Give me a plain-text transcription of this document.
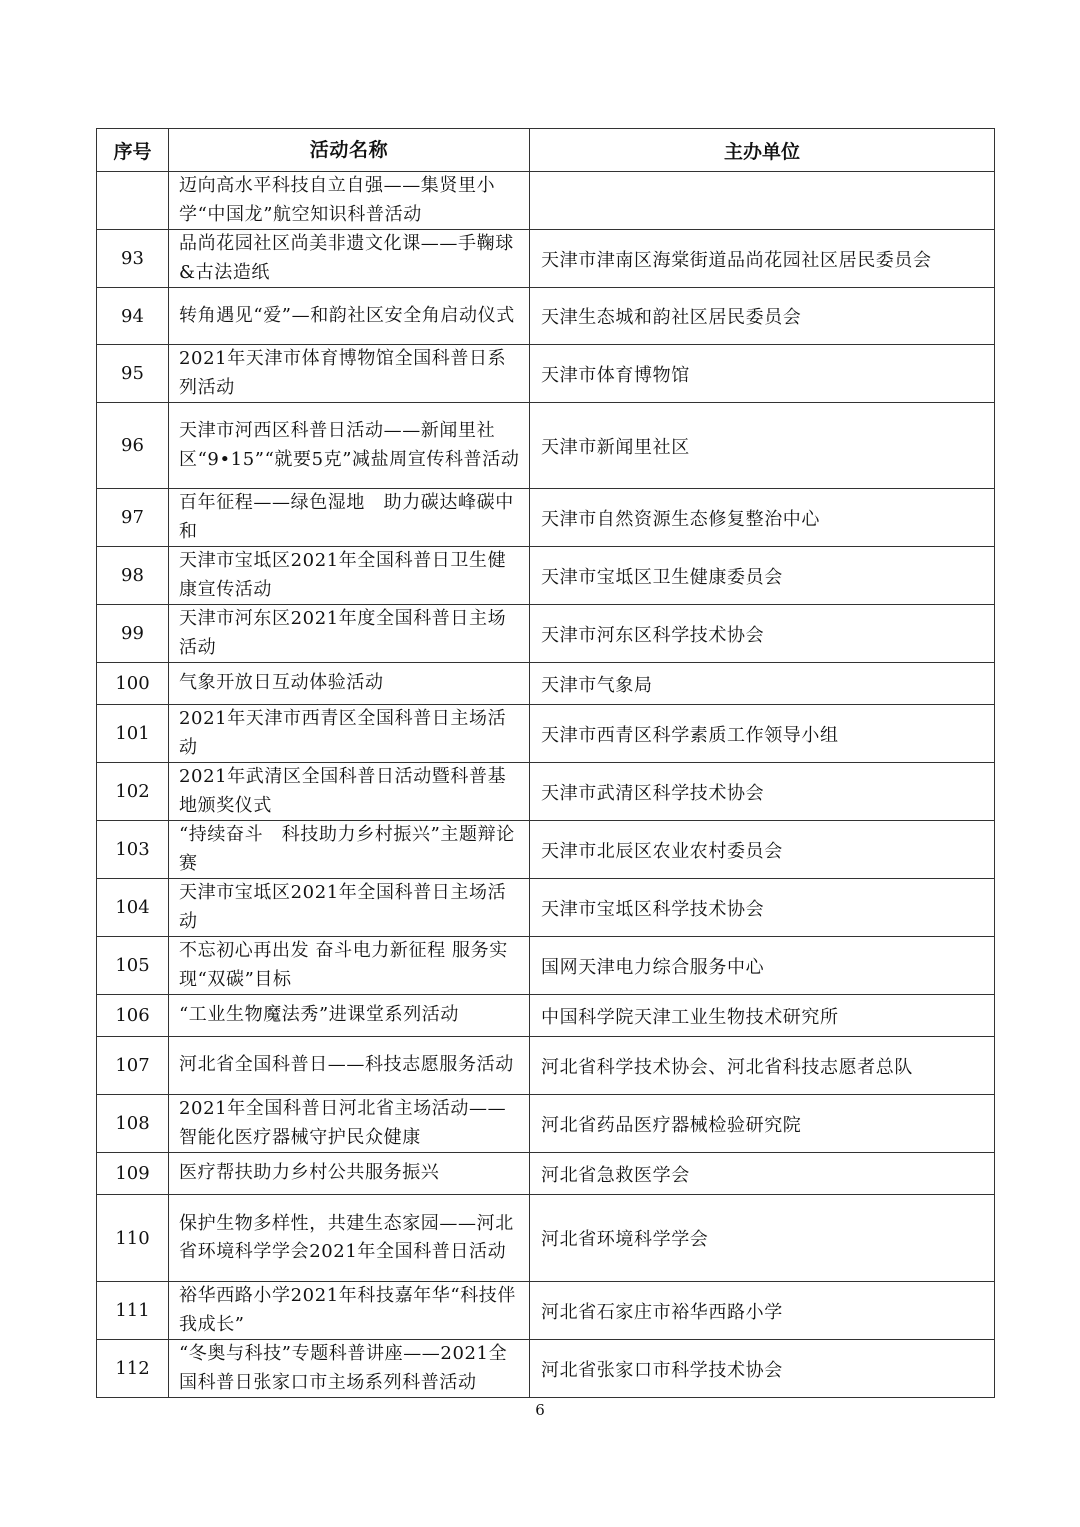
序号	活动名称	主办单位
	迈向高水平科技自立自强——集贤里小学“中国龙”航空知识科普活动	
93	品尚花园社区尚美非遗文化课——手鞠球&古法造纸	天津市津南区海棠街道品尚花园社区居民委员会
94	转角遇见“爱”—和韵社区安全角启动仪式	天津生态城和韵社区居民委员会
95	2021年天津市体育博物馆全国科普日系列活动	天津市体育博物馆
96	天津市河西区科普日活动——新闻里社区“9•15”“就要5克”减盐周宣传科普活动	天津市新闻里社区
97	百年征程——绿色湿地　助力碳达峰碳中和	天津市自然资源生态修复整治中心
98	天津市宝坻区2021年全国科普日卫生健康宣传活动	天津市宝坻区卫生健康委员会
99	天津市河东区2021年度全国科普日主场活动	天津市河东区科学技术协会
100	气象开放日互动体验活动	天津市气象局
101	2021年天津市西青区全国科普日主场活动	天津市西青区科学素质工作领导小组
102	2021年武清区全国科普日活动暨科普基地颁奖仪式	天津市武清区科学技术协会
103	“持续奋斗　科技助力乡村振兴”主题辩论赛	天津市北辰区农业农村委员会
104	天津市宝坻区2021年全国科普日主场活动	天津市宝坻区科学技术协会
105	不忘初心再出发 奋斗电力新征程 服务实现“双碳”目标	国网天津电力综合服务中心
106	“工业生物魔法秀”进课堂系列活动	中国科学院天津工业生物技术研究所
107	河北省全国科普日——科技志愿服务活动	河北省科学技术协会、河北省科技志愿者总队
108	2021年全国科普日河北省主场活动——智能化医疗器械守护民众健康	河北省药品医疗器械检验研究院
109	医疗帮扶助力乡村公共服务振兴	河北省急救医学会
110	保护生物多样性，共建生态家园——河北省环境科学学会2021年全国科普日活动	河北省环境科学学会
111	裕华西路小学2021年科技嘉年华“科技伴我成长”	河北省石家庄市裕华西路小学
112	“冬奥与科技”专题科普讲座——2021全国科普日张家口市主场系列科普活动	河北省张家口市科学技术协会
6
